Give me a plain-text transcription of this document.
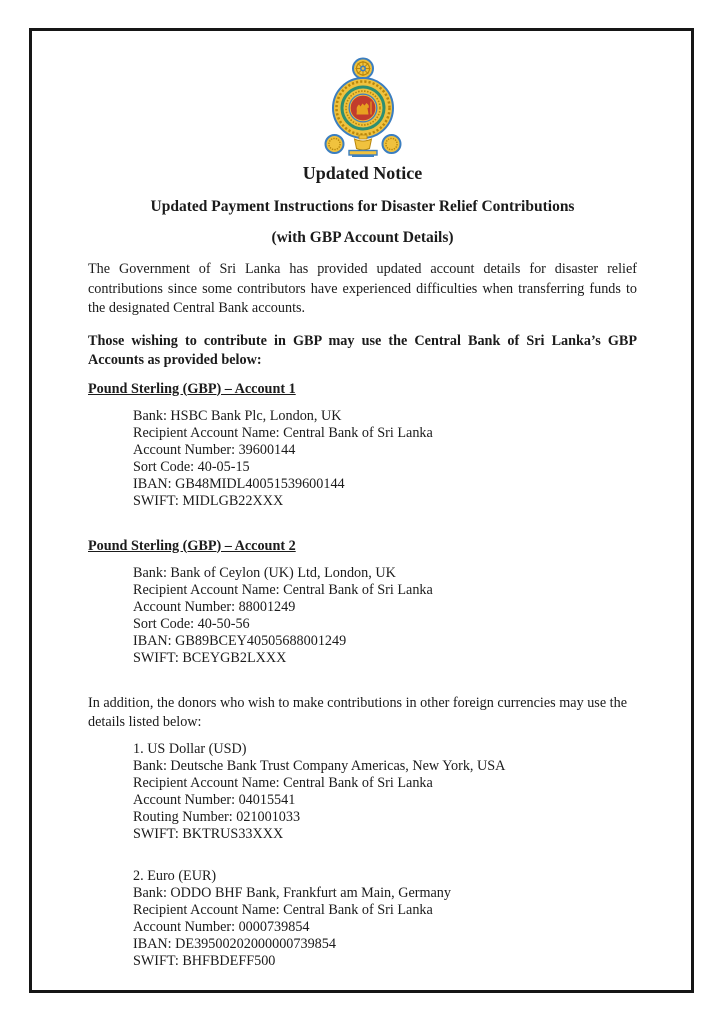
Updated Notice
Updated Payment Instructions for Disaster Relief Contributions
(with GBP Account Details)

The Government of Sri Lanka has provided updated account details for disaster relief contributions since some contributors have experienced difficulties when transferring funds to the designated Central Bank accounts.

Those wishing to contribute in GBP may use the Central Bank of Sri Lanka’s GBP Accounts as provided below:

Pound Sterling (GBP) – Account 1
Bank: HSBC Bank Plc, London, UK
Recipient Account Name: Central Bank of Sri Lanka
Account Number: 39600144
Sort Code: 40-05-15
IBAN: GB48MIDL40051539600144
SWIFT: MIDLGB22XXX
Pound Sterling (GBP) – Account 2
Bank: Bank of Ceylon (UK) Ltd, London, UK
Recipient Account Name: Central Bank of Sri Lanka
Account Number: 88001249
Sort Code: 40-50-56
IBAN: GB89BCEY40505688001249
SWIFT: BCEYGB2LXXX

In addition, the donors who wish to make contributions in other foreign currencies may use the details listed below:

1. US Dollar (USD)
Bank: Deutsche Bank Trust Company Americas, New York, USA
Recipient Account Name: Central Bank of Sri Lanka
Account Number: 04015541
Routing Number: 021001033
SWIFT: BKTRUS33XXX
2. Euro (EUR)
Bank: ODDO BHF Bank, Frankfurt am Main, Germany
Recipient Account Name: Central Bank of Sri Lanka
Account Number: 0000739854
IBAN: DE39500202000000739854
SWIFT: BHFBDEFF500
